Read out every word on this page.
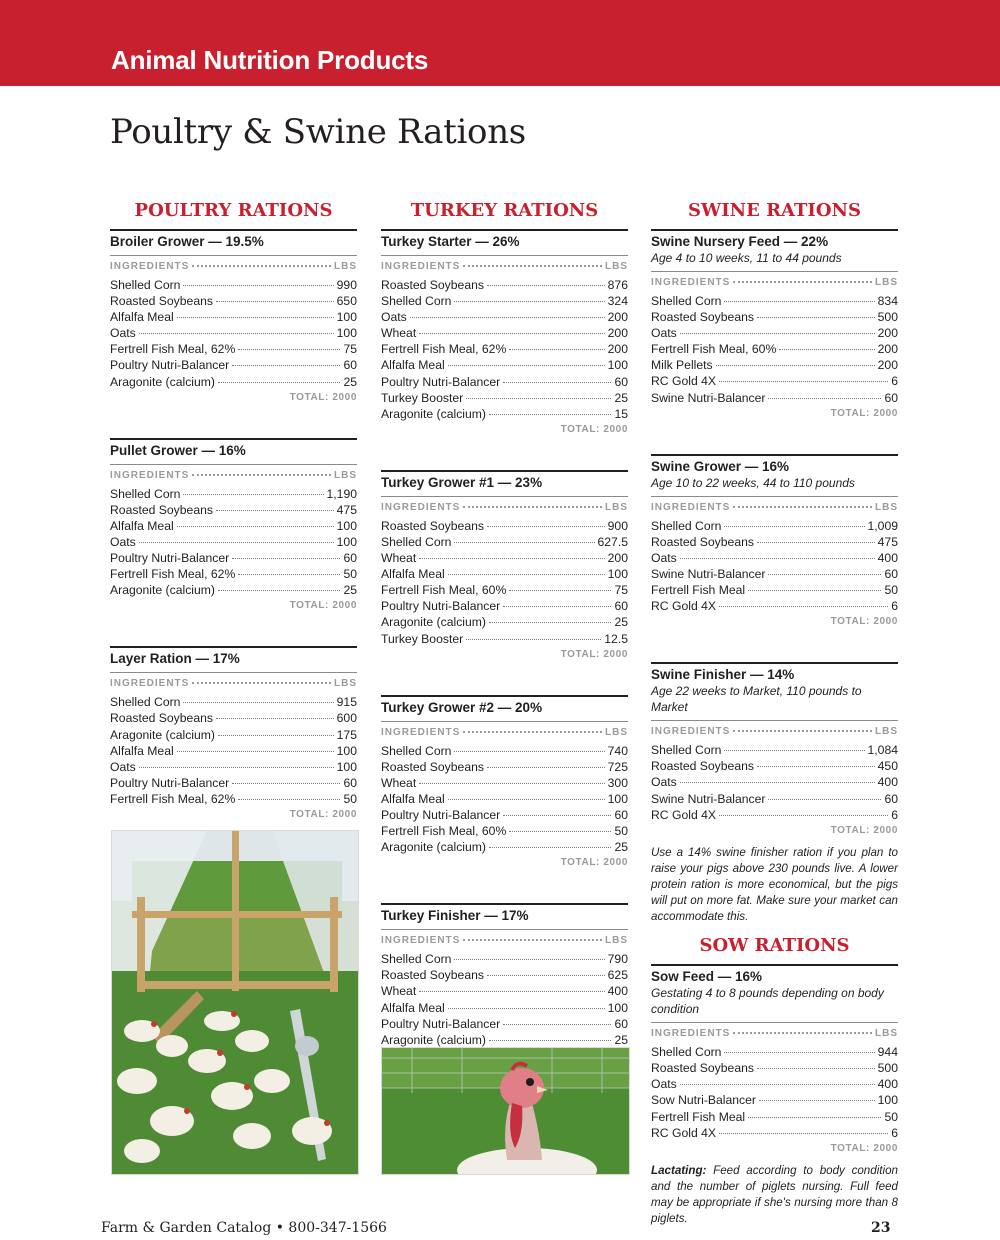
Animal Nutrition Products
Poultry & Swine Rations
POULTRY RATIONS
Broiler Grower — 19.5%
INGREDIENTS	LBS
Shelled Corn	990
Roasted Soybeans	650
Alfalfa Meal	100
Oats	100
Fertrell Fish Meal, 62%	75
Poultry Nutri-Balancer	60
Aragonite (calcium)	25
TOTAL: 2000
Pullet Grower — 16%
INGREDIENTS	LBS
Shelled Corn	1,190
Roasted Soybeans	475
Alfalfa Meal	100
Oats	100
Poultry Nutri-Balancer	60
Fertrell Fish Meal, 62%	50
Aragonite (calcium)	25
TOTAL: 2000
Layer Ration — 17%
INGREDIENTS	LBS
Shelled Corn	915
Roasted Soybeans	600
Aragonite (calcium)	175
Alfalfa Meal	100
Oats	100
Poultry Nutri-Balancer	60
Fertrell Fish Meal, 62%	50
TOTAL: 2000
TURKEY RATIONS
Turkey Starter — 26%
INGREDIENTS	LBS
Roasted Soybeans	876
Shelled Corn	324
Oats	200
Wheat	200
Fertrell Fish Meal, 62%	200
Alfalfa Meal	100
Poultry Nutri-Balancer	60
Turkey Booster	25
Aragonite (calcium)	15
TOTAL: 2000
Turkey Grower #1 — 23%
INGREDIENTS	LBS
Roasted Soybeans	900
Shelled Corn	627.5
Wheat	200
Alfalfa Meal	100
Fertrell Fish Meal, 60%	75
Poultry Nutri-Balancer	60
Aragonite (calcium)	25
Turkey Booster	12.5
TOTAL: 2000
Turkey Grower #2 — 20%
INGREDIENTS	LBS
Shelled Corn	740
Roasted Soybeans	725
Wheat	300
Alfalfa Meal	100
Poultry Nutri-Balancer	60
Fertrell Fish Meal, 60%	50
Aragonite (calcium)	25
TOTAL: 2000
Turkey Finisher — 17%
INGREDIENTS	LBS
Shelled Corn	790
Roasted Soybeans	625
Wheat	400
Alfalfa Meal	100
Poultry Nutri-Balancer	60
Aragonite (calcium)	25
SWINE RATIONS
Swine Nursery Feed — 22%
Age 4 to 10 weeks, 11 to 44 pounds
INGREDIENTS	LBS
Shelled Corn	834
Roasted Soybeans	500
Oats	200
Fertrell Fish Meal, 60%	200
Milk Pellets	200
RC Gold 4X	6
Swine Nutri-Balancer	60
TOTAL: 2000
Swine Grower — 16%
Age 10 to 22 weeks, 44 to 110 pounds
INGREDIENTS	LBS
Shelled Corn	1,009
Roasted Soybeans	475
Oats	400
Swine Nutri-Balancer	60
Fertrell Fish Meal	50
RC Gold 4X	6
TOTAL: 2000
Swine Finisher — 14%
Age 22 weeks to Market, 110 pounds to Market
INGREDIENTS	LBS
Shelled Corn	1,084
Roasted Soybeans	450
Oats	400
Swine Nutri-Balancer	60
RC Gold 4X	6
TOTAL: 2000
Use a 14% swine finisher ration if you plan to raise your pigs above 230 pounds live. A lower protein ration is more economical, but the pigs will put on more fat. Make sure your market can accommodate this.
SOW RATIONS
Sow Feed — 16%
Gestating 4 to 8 pounds depending on body condition
INGREDIENTS	LBS
Shelled Corn	944
Roasted Soybeans	500
Oats	400
Sow Nutri-Balancer	100
Fertrell Fish Meal	50
RC Gold 4X	6
TOTAL: 2000
Lactating: Feed according to body condition and the number of piglets nursing. Full feed may be appropriate if she's nursing more than 8 piglets.
Farm & Garden Catalog • 800-347-1566	23
